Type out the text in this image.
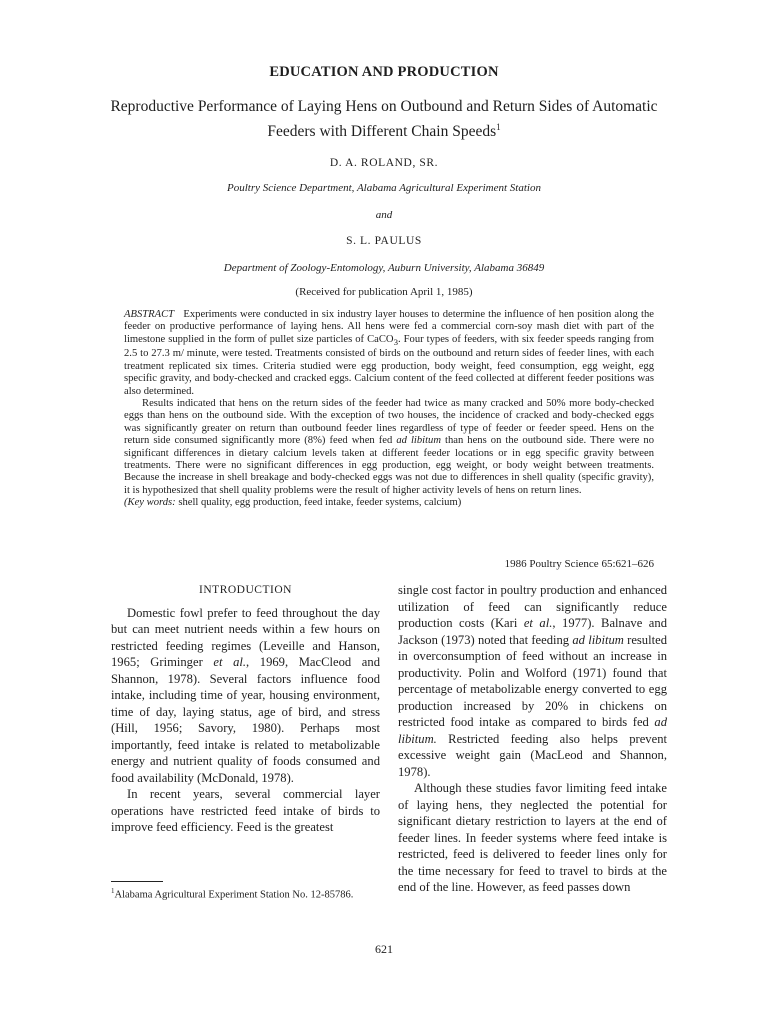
EDUCATION AND PRODUCTION
Reproductive Performance of Laying Hens on Outbound and Return Sides of Automatic Feeders with Different Chain Speeds$^1$
D. A. ROLAND, SR.
Poultry Science Department, Alabama Agricultural Experiment Station
and
S. L. PAULUS
Department of Zoology-Entomology, Auburn University, Alabama 36849
(Received for publication April 1, 1985)

ABSTRACT Experiments were conducted in six industry layer houses to determine the influence of hen position along the feeder on productive performance of laying hens. All hens were fed a commercial corn-soy mash diet with part of the limestone supplied in the form of pullet size particles of CaCO$_3$. Four types of feeders, with six feeder speeds ranging from 2.5 to 27.3 m/ minute, were tested. Treatments consisted of birds on the outbound and return sides of feeder lines, with each treatment replicated six times. Criteria studied were egg production, body weight, feed consumption, egg weight, egg specific gravity, and body-checked and cracked eggs. Calcium content of the feed collected at different feeder positions was also determined.

Results indicated that hens on the return sides of the feeder had twice as many cracked and 50% more body-checked eggs than hens on the outbound side. With the exception of two houses, the incidence of cracked and body-checked eggs was significantly greater on return than outbound feeder lines regardless of type of feeder or feeder speed. Hens on the return side consumed significantly more (8%) feed when fed ad libitum than hens on the outbound side. There were no significant differences in dietary calcium levels taken at different feeder locations or in egg specific gravity between treatments. There were no significant differences in egg production, egg weight, or body weight between treatments. Because the increase in shell breakage and body-checked eggs was not due to differences in shell quality (specific gravity), it is hypothesized that shell quality problems were the result of higher activity levels of hens on return lines.

(Key words: shell quality, egg production, feed intake, feeder systems, calcium)

1986 Poultry Science 65:621–626
INTRODUCTION

Domestic fowl prefer to feed throughout the day but can meet nutrient needs within a few hours on restricted feeding regimes (Leveille and Hanson, 1965; Griminger et al., 1969, MacCleod and Shannon, 1978). Several factors influence food intake, including time of year, housing environment, time of day, laying status, age of bird, and stress (Hill, 1956; Savory, 1980). Perhaps most importantly, feed intake is related to metabolizable energy and nutrient quality of foods consumed and food availability (McDonald, 1978).

In recent years, several commercial layer operations have restricted feed intake of birds to improve feed efficiency. Feed is the greatest

single cost factor in poultry production and enhanced utilization of feed can significantly reduce production costs (Kari et al., 1977). Balnave and Jackson (1973) noted that feeding ad libitum resulted in overconsumption of feed without an increase in productivity. Polin and Wolford (1971) found that percentage of metabolizable energy converted to egg production increased by 20% in chickens on restricted food intake as compared to birds fed ad libitum. Restricted feeding also helps prevent excessive weight gain (MacLeod and Shannon, 1978).

Although these studies favor limiting feed intake of laying hens, they neglected the potential for significant dietary restriction to layers at the end of feeder lines. In feeder systems where feed intake is restricted, feed is delivered to feeder lines only for the time necessary for feed to travel to birds at the end of the line. However, as feed passes down

$^1$Alabama Agricultural Experiment Station No. 12-85786.
621
